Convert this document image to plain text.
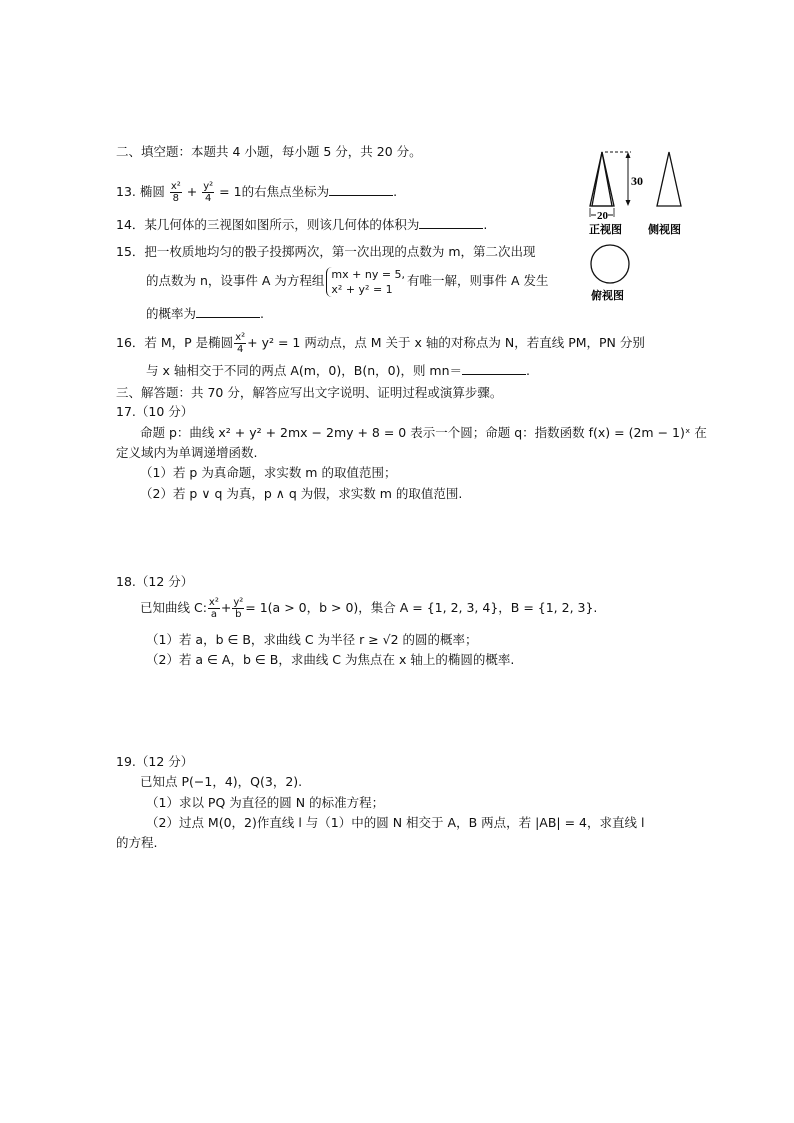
二、填空题：本题共 4 小题，每小题 5 分，共 20 分。
13. 椭圆 $\frac{\text{x²}}{8} + \frac{\text{y²}}{4} = 1$的右焦点坐标为	.
14．某几何体的三视图如图所示，则该几何体的体积为	.
15．把一枚质地均匀的骰子投掷两次，第一次出现的点数为 m，第二次出现
的点数为 n，设事件 A 为方程组 mx + ny = 5,
x² + y² = 1
有唯一解，则事件 A 发生
的概率为	.
16．若 M，P 是椭圆 $\frac{\text{x²}}{4} + y^2 = 1$ 两动点，点 M 关于 x 轴的对称点为 N，若直线 PM，PN 分别
与 x 轴相交于不同的两点 A(m，0)，B(n，0)，则 mn＝	.
三、解答题：共 70 分，解答应写出文字说明、证明过程或演算步骤。
17.（10 分）
命题 p：曲线 x² + y² + 2mx − 2my + 8 = 0 表示一个圆；命题 q：指数函数 f(x) = (2m − 1)ˣ 在
定义域内为单调递增函数.
（1）若 p 为真命题，求实数 m 的取值范围；
（2）若 p ∨ q 为真，p ∧ q 为假，求实数 m 的取值范围.
18.（12 分）
已知曲线 C: $\frac{\text{x²}}{a} + \frac{\text{y²}}{b} = 1(a > 0$，b > 0)，集合 A = {1, 2, 3, 4}，B = {1, 2, 3}.
（1）若 a，b ∈ B，求曲线 C 为半径 r ≥ √2 的圆的概率；
（2）若 a ∈ A，b ∈ B，求曲线 C 为焦点在 x 轴上的椭圆的概率.
19.（12 分）
已知点 P(−1，4)，Q(3，2).
（1）求以 PQ 为直径的圆 N 的标准方程；
（2）过点 M(0，2)作直线 l 与（1）中的圆 N 相交于 A，B 两点，若 |AB| = 4，求直线 l
的方程.
30
20
正视图 侧视图
俯视图
